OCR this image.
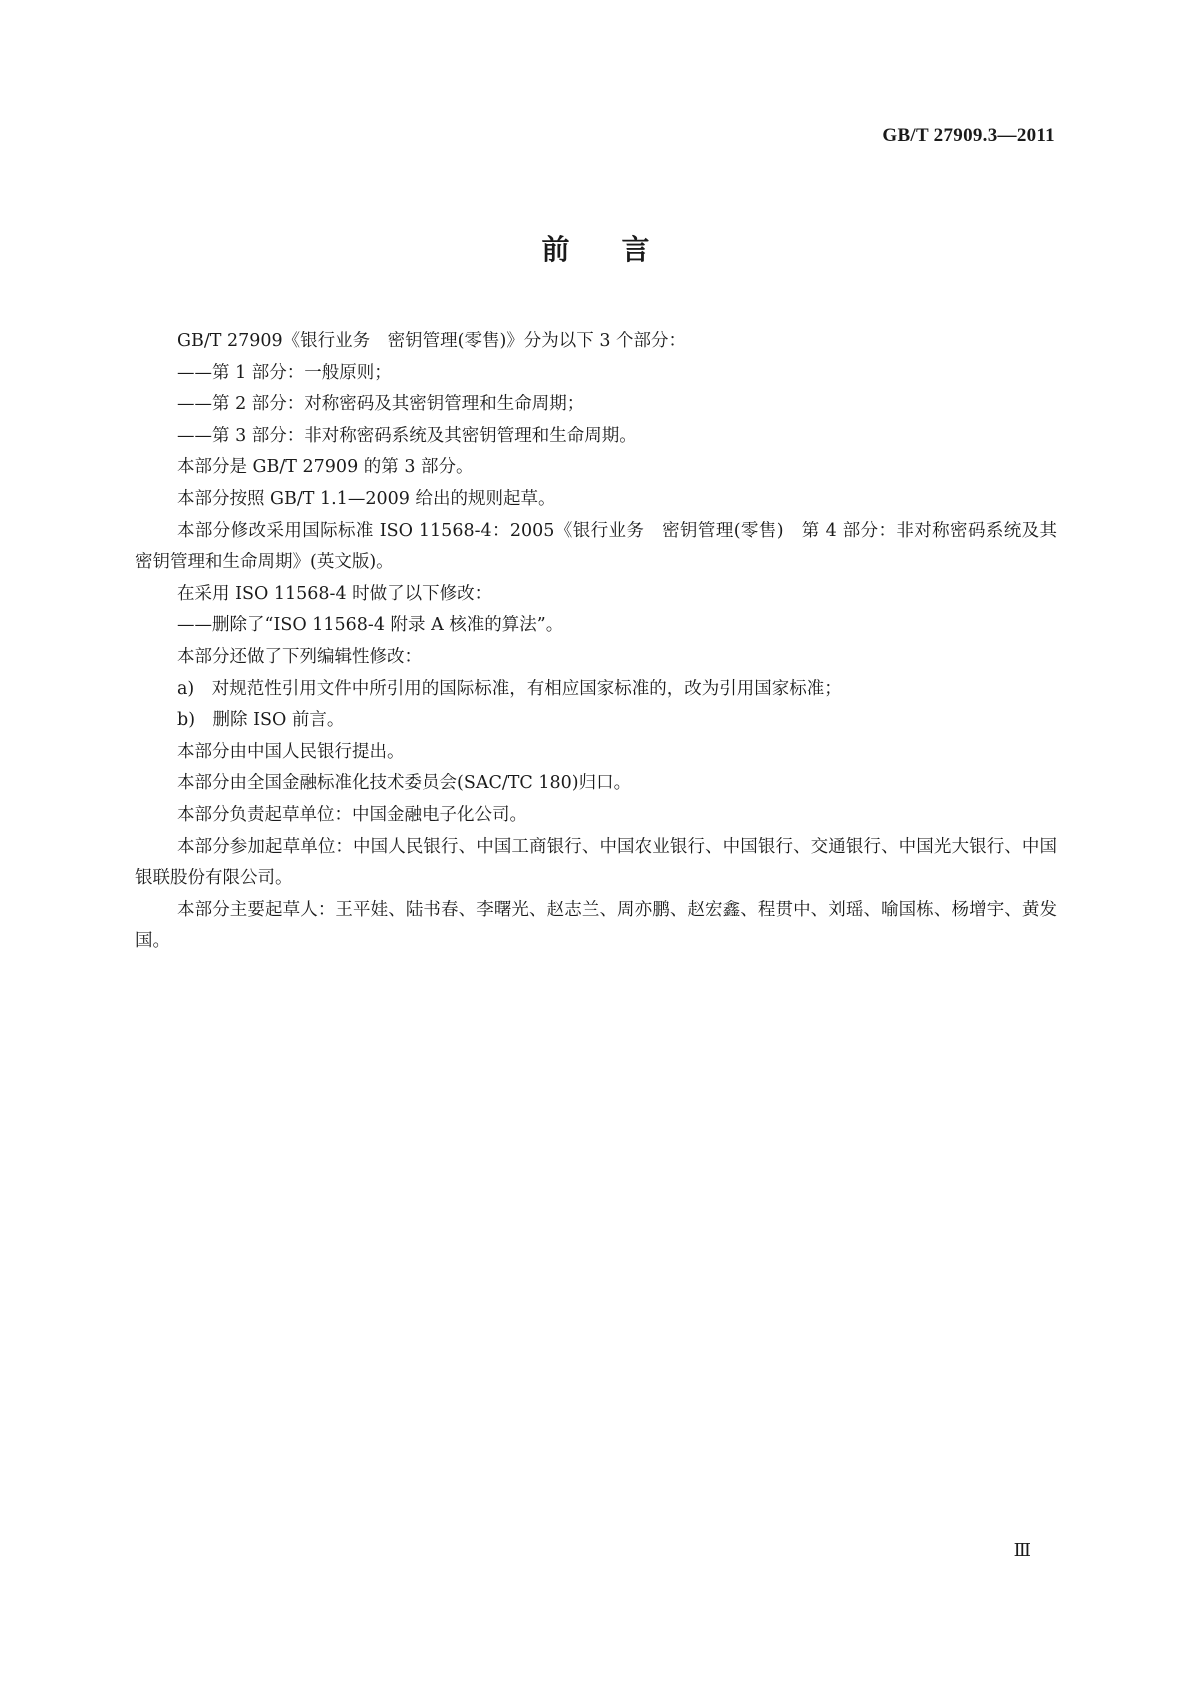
GB/T 27909.3—2011
前言

GB/T 27909《银行业务　密钥管理(零售)》分为以下 3 个部分：

——第 1 部分：一般原则；

——第 2 部分：对称密码及其密钥管理和生命周期；

——第 3 部分：非对称密码系统及其密钥管理和生命周期。

本部分是 GB/T 27909 的第 3 部分。

本部分按照 GB/T 1.1—2009 给出的规则起草。

本部分修改采用国际标准 ISO 11568-4：2005《银行业务　密钥管理(零售)　第 4 部分：非对称密码系统及其密钥管理和生命周期》(英文版)。

在采用 ISO 11568-4 时做了以下修改：

——删除了“ISO 11568-4 附录 A 核准的算法”。

本部分还做了下列编辑性修改：

a)　对规范性引用文件中所引用的国际标准，有相应国家标准的，改为引用国家标准；

b)　删除 ISO 前言。

本部分由中国人民银行提出。

本部分由全国金融标准化技术委员会(SAC/TC 180)归口。

本部分负责起草单位：中国金融电子化公司。

本部分参加起草单位：中国人民银行、中国工商银行、中国农业银行、中国银行、交通银行、中国光大银行、中国银联股份有限公司。

本部分主要起草人：王平娃、陆书春、李曙光、赵志兰、周亦鹏、赵宏鑫、程贯中、刘瑶、喻国栋、杨增宇、黄发国。

Ⅲ
